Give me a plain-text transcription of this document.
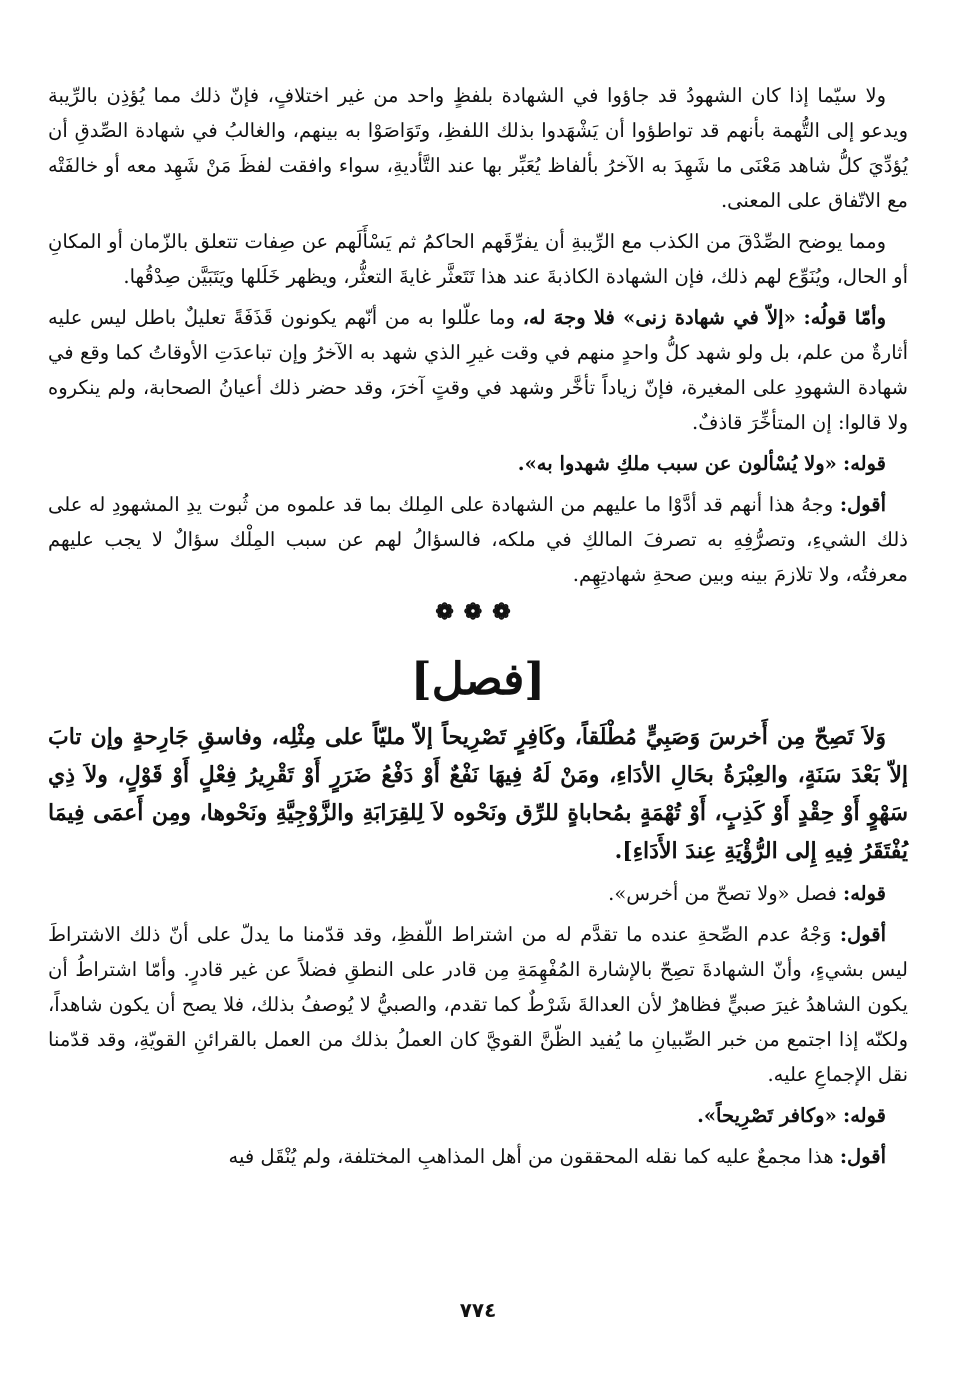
ولا سيّما إذا كان الشهودُ قد جاؤوا في الشهادة بلفظٍ واحد من غير اختلافٍ، فإنّ ذلك مما يُؤذِن بالرِّيبة ويدعو إلى التُّهمة بأنهم قد تواطؤوا أن يَشْهَدوا بذلك اللفظِ، وتَوَاصَوْا به بينهم، والغالبُ في شهادة الصِّدقِ أن يُؤدِّيَ كلُّ شاهد مَعْنَى ما شَهِدَ به الآخرُ بألفاظ يُعَبِّر بها عند التَّأديةِ، سواء وافقت لفظَ مَنْ شَهِد معه أو خالفَتْه مع الاتّفاق على المعنى.

ومما يوضح الصِّدْقَ من الكذب مع الرِّيبةِ أن يفرِّقَهم الحاكمُ ثم يَسْأَلَهم عن صِفات تتعلق بالزّمان أو المكانِ أو الحال، ويُنَوِّع لهم ذلك، فإن الشهادة الكاذبةَ عند هذا تَتَعثَّر غايةَ التعثُّر، ويظهر خَلَلها ويَتَبَيَّن صِدْقُها.

وأمّا قولُه: «إلاّ في شهادة زنى» فلا وجهَ له، وما علّلوا به من أنّهم يكونون قَذَفَةً تعليلٌ باطل ليس عليه أثارةٌ من علم، بل ولو شهد كلُّ واحدٍ منهم في وقت غيرِ الذي شهد به الآخرُ وإن تباعدَتِ الأوقاتُ كما وقع في شهادة الشهودِ على المغيرة، فإنّ زياداً تأخَّر وشهد في وقتٍ آخرَ، وقد حضر ذلك أعيانُ الصحابة، ولم ينكروه ولا قالوا: إن المتأخِّرَ قاذفٌ.

قوله: «ولا يُسْألون عن سبب ملكِ شهدوا به».

أقول: وجهُ هذا أنهم قد أدَّوْا ما عليهم من الشهادة على المِلك بما قد علموه من ثُبوت يدِ المشهودِ له على ذلك الشيءِ، وتصرُّفِهِ به تصرفَ المالكِ في ملكه، فالسؤالُ لهم عن سبب المِلْك سؤالٌ لا يجب عليهم معرفتُه، ولا تلازمَ بينه وبين صحةِ شهادتِهِم.

❁❁❁
[فصل]

وَلاَ تَصِحّ مِن أَخرسَ وَصَبِيٍّ مُطْلَقاً، وكَافِرٍ تَصْرِيحاً إلاّ مليّاً على مِثْلِه، وفاسقِ جَارِحةٍ وإن تابَ إلاّ بَعْدَ سَنَةٍ، والعِبْرَةُ بحَالِ الأدَاءِ، ومَنْ لَهُ فِيهَا نَفْعٌ أَوْ دَفْعُ ضَرَرٍ أَوْ تَقْرِيرُ فِعْلٍ أَوْ قَوْلٍ، ولاَ ذِي سَهْوٍ أَوْ حِقْدٍ أَوْ كَذِبٍ، أَوْ تُهْمَةٍ بمُحاباةٍ للرِّق ونَحْوه لاَ لِلقِرَابَةِ والزَّوْجِيَّةِ ونَحْوها، ومِن أَعمَى فِيمَا يُفْتَقَرُ فِيهِ إِلى الرُّؤْيَةِ عِندَ الأَدَاءِ].

قوله: فصل «ولا تصحّ من أخرس».

أقول: وَجْهُ عدم الصِّحةِ عنده ما تقدَّم له من اشتراط اللّفظِ، وقد قدّمنا ما يدلّ على أنّ ذلك الاشتراطَ ليس بشيءٍ، وأنّ الشهادةَ تصِحّ بالإشارة المُفْهِمَةِ مِن قادر على النطقِ فضلاً عن غير قادرٍ. وأمّا اشتراطُ أن يكون الشاهدُ غيرَ صبيٍّ فظاهرٌ لأن العدالةَ شَرْطٌ كما تقدم، والصبيُّ لا يُوصفُ بذلك، فلا يصح أن يكون شاهداً، ولكنّه إذا اجتمع من خبر الصِّبيانِ ما يُفيد الظّنَّ القويَّ كان العملُ بذلك من العمل بالقرائنِ القويّةِ، وقد قدّمنا نقل الإجماعِ عليه.

قوله: «وكافر تَصْرِيحاً».

أقول: هذا مجمعٌ عليه كما نقله المحققون من أهل المذاهبِ المختلفة، ولم يُنْقَل فيه

٧٧٤
